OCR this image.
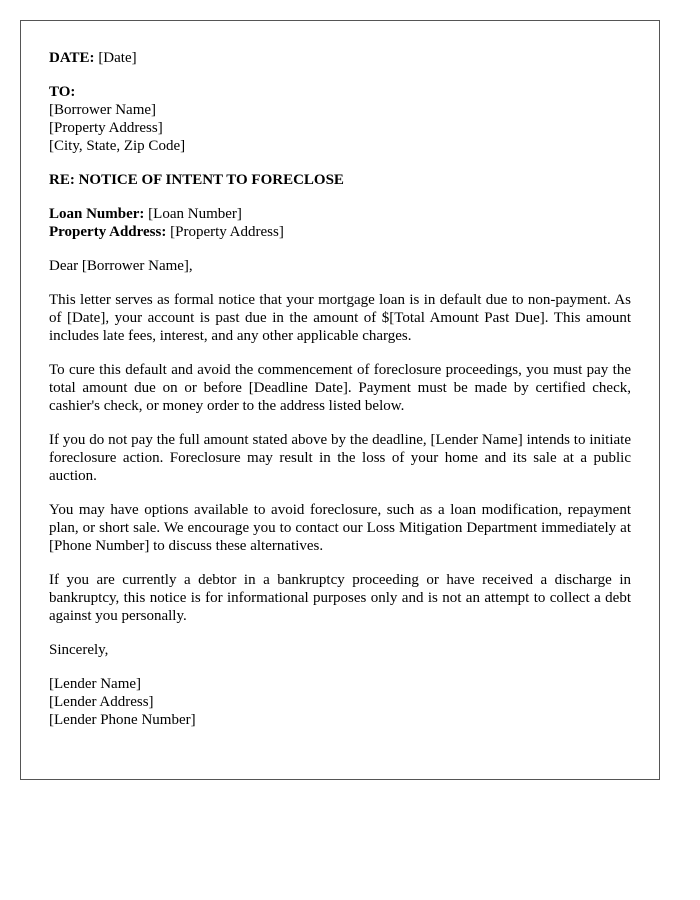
DATE: [Date]
TO:
[Borrower Name]
[Property Address]
[City, State, Zip Code]
RE: NOTICE OF INTENT TO FORECLOSE
Loan Number: [Loan Number]
Property Address: [Property Address]

Dear [Borrower Name],

This letter serves as formal notice that your mortgage loan is in default due to non-payment. As of [Date], your account is past due in the amount of $[Total Amount Past Due]. This amount includes late fees, interest, and any other applicable charges.

To cure this default and avoid the commencement of foreclosure proceedings, you must pay the total amount due on or before [Deadline Date]. Payment must be made by certified check, cashier's check, or money order to the address listed below.

If you do not pay the full amount stated above by the deadline, [Lender Name] intends to initiate foreclosure action. Foreclosure may result in the loss of your home and its sale at a public auction.

You may have options available to avoid foreclosure, such as a loan modification, repayment plan, or short sale. We encourage you to contact our Loss Mitigation Department immediately at [Phone Number] to discuss these alternatives.

If you are currently a debtor in a bankruptcy proceeding or have received a discharge in bankruptcy, this notice is for informational purposes only and is not an attempt to collect a debt against you personally.

Sincerely,

[Lender Name]
[Lender Address]
[Lender Phone Number]
